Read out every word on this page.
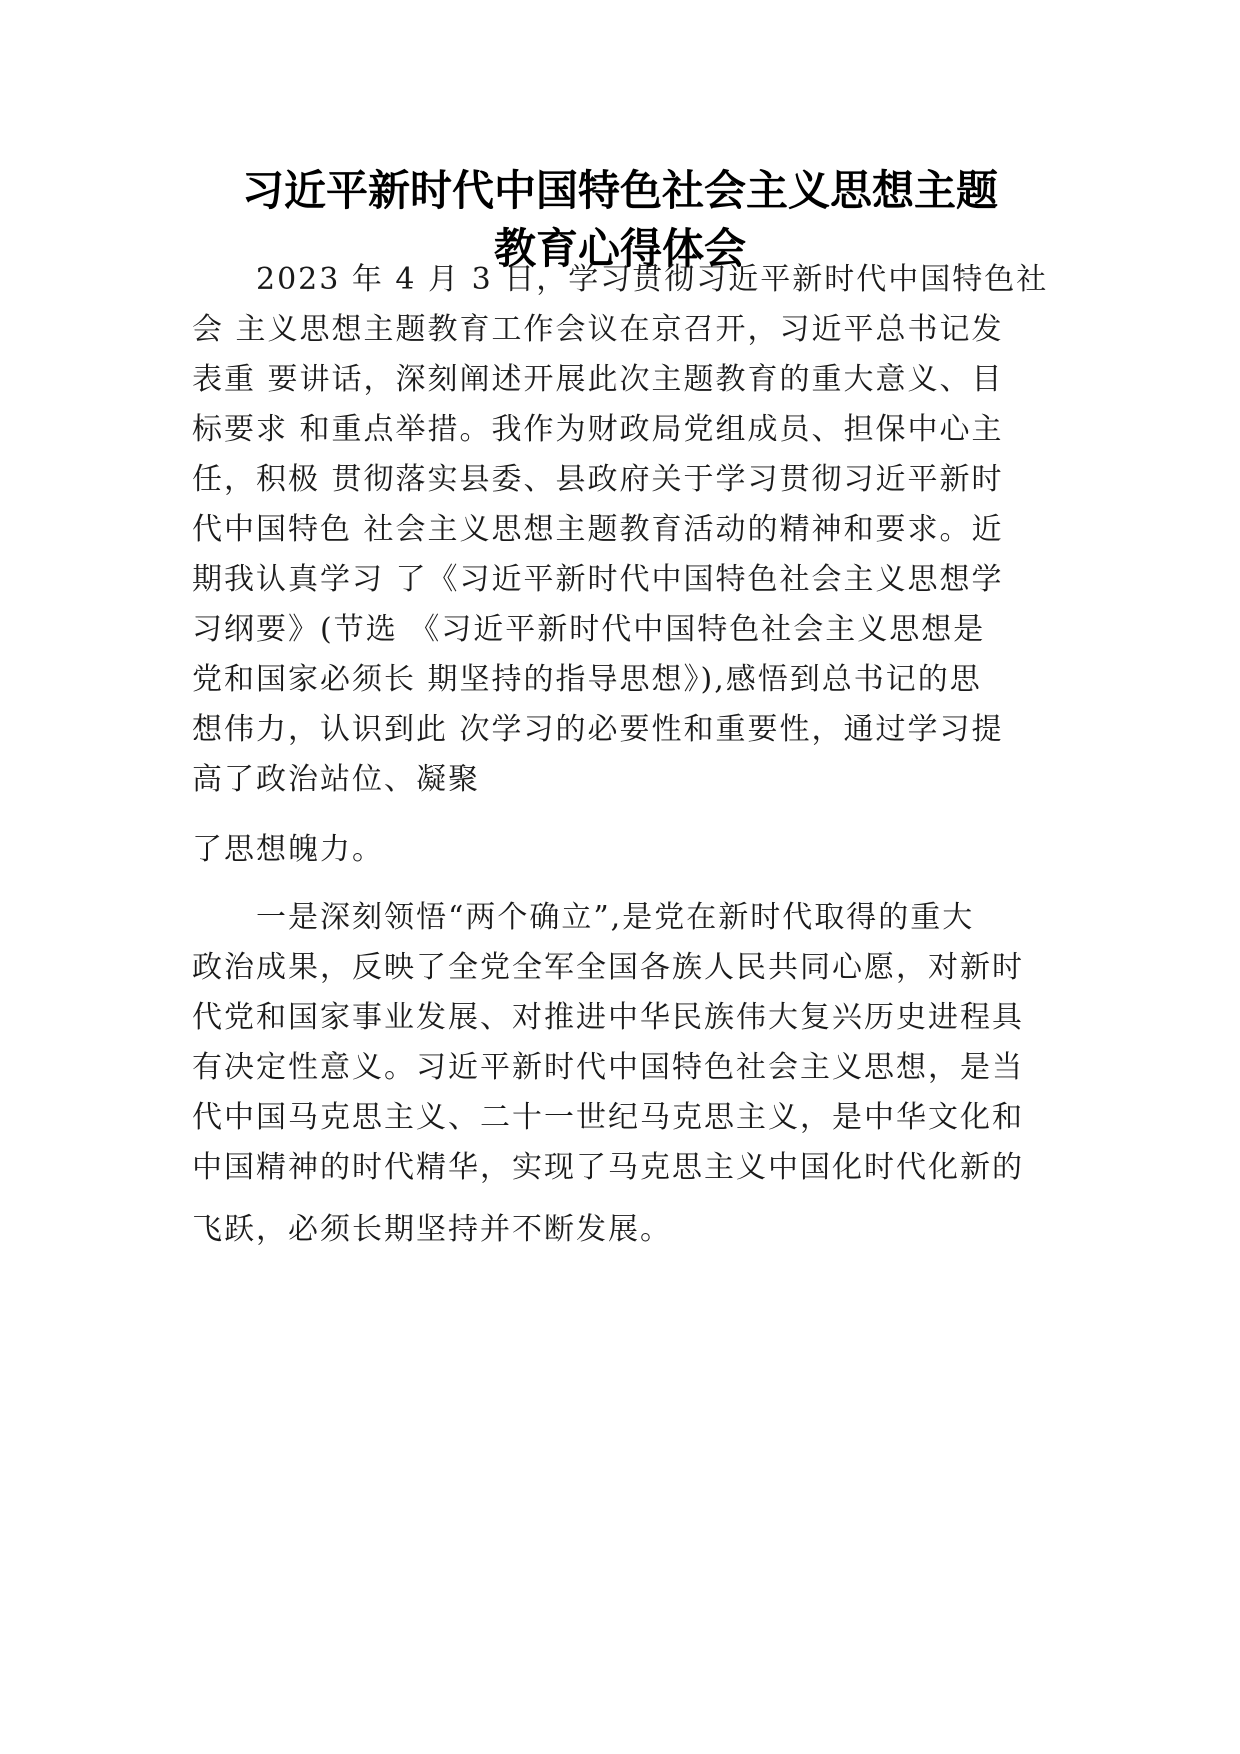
习近平新时代中国特色社会主义思想主题
教育心得体会
2023 年 4 月 3 日，学习贯彻习近平新时代中国特色社
会 主义思想主题教育工作会议在京召开，习近平总书记发
表重 要讲话，深刻阐述开展此次主题教育的重大意义、目
标要求 和重点举措。我作为财政局党组成员、担保中心主
任，积极 贯彻落实县委、县政府关于学习贯彻习近平新时
代中国特色 社会主义思想主题教育活动的精神和要求。近
期我认真学习 了《习近平新时代中国特色社会主义思想学
习纲要》(节选 《习近平新时代中国特色社会主义思想是
党和国家必须长 期坚持的指导思想》),感悟到总书记的思
想伟力，认识到此 次学习的必要性和重要性，通过学习提
高了政治站位、凝聚
了思想魄力。
一是深刻领悟“两个确立”,是党在新时代取得的重大
政治成果，反映了全党全军全国各族人民共同心愿，对新时
代党和国家事业发展、对推进中华民族伟大复兴历史进程具
有决定性意义。习近平新时代中国特色社会主义思想，是当
代中国马克思主义、二十一世纪马克思主义，是中华文化和
中国精神的时代精华，实现了马克思主义中国化时代化新的
飞跃，必须长期坚持并不断发展。
